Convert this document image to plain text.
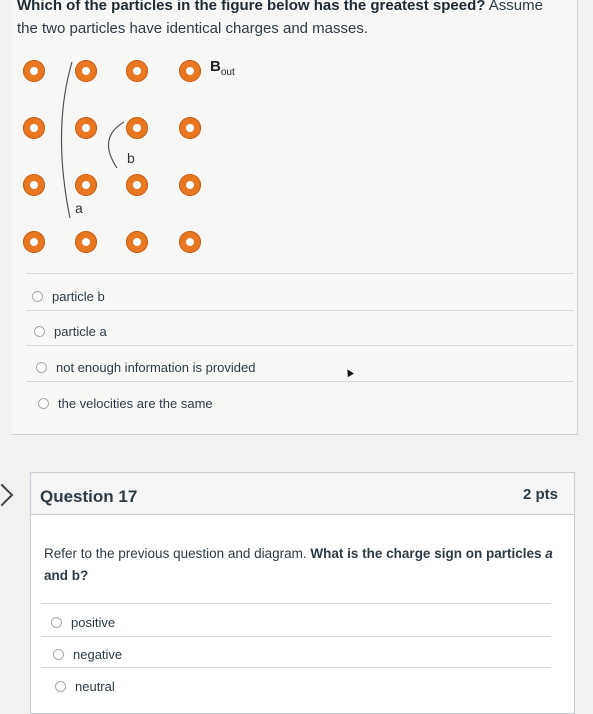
Which of the particles in the figure below has the greatest speed? Assume the two particles have identical charges and masses.
a
b
$B_{out}$
particle b
particle a
not enough information is provided
the velocities are the same
▲
Question 17	2 pts
Refer to the previous question and diagram. What is the charge sign on particles a and b?
positive
negative
neutral
